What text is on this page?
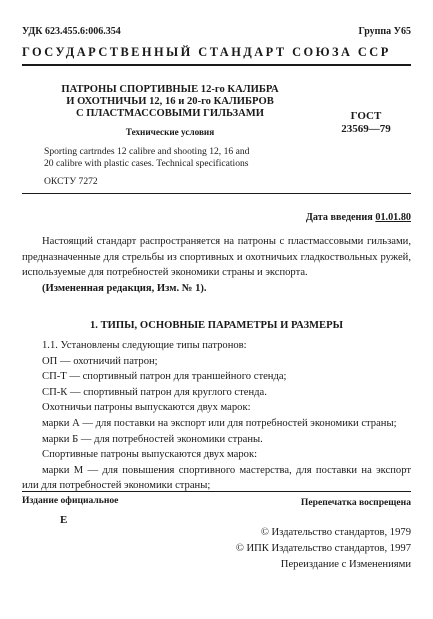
УДК 623.455.6:006.354	Группа У65
ГОСУДАРСТВЕННЫЙ СТАНДАРТ СОЮЗА ССР
ПАТРОНЫ СПОРТИВНЫЕ 12-го КАЛИБРА
И ОХОТНИЧЬИ 12, 16 и 20-го КАЛИБРОВ
С ПЛАСТМАССОВЫМИ ГИЛЬЗАМИ	ГОСТ
23569—79
Технические условия
Sporting cartrndes 12 calibre and shooting 12, 16 and
20 calibre with plastic cases. Technical specifications
ОКСТУ 7272
Дата введения 01.01.80

Настоящий стандарт распространяется на патроны с пластмассовыми гильзами, предназначенные для стрельбы из спортивных и охотничьих гладкоствольных ружей, используемые для потребностей экономики страны и экспорта.

(Измененная редакция, Изм. № 1).

1. ТИПЫ, ОСНОВНЫЕ ПАРАМЕТРЫ И РАЗМЕРЫ

1.1. Установлены следующие типы патронов:

ОП — охотничий патрон;

СП-Т — спортивный патрон для траншейного стенда;

СП-К — спортивный патрон для круглого стенда.

Охотничьи патроны выпускаются двух марок:

марки А — для поставки на экспорт или для потребностей экономики страны;

марки Б — для потребностей экономики страны.

Спортивные патроны выпускаются двух марок:

марки М — для повышения спортивного мастерства, для поставки на экспорт или для потребностей экономики страны;

Издание официальное	Перепечатка воспрещена
E
© Издательство стандартов, 1979
© ИПК Издательство стандартов, 1997
Переиздание с Изменениями
